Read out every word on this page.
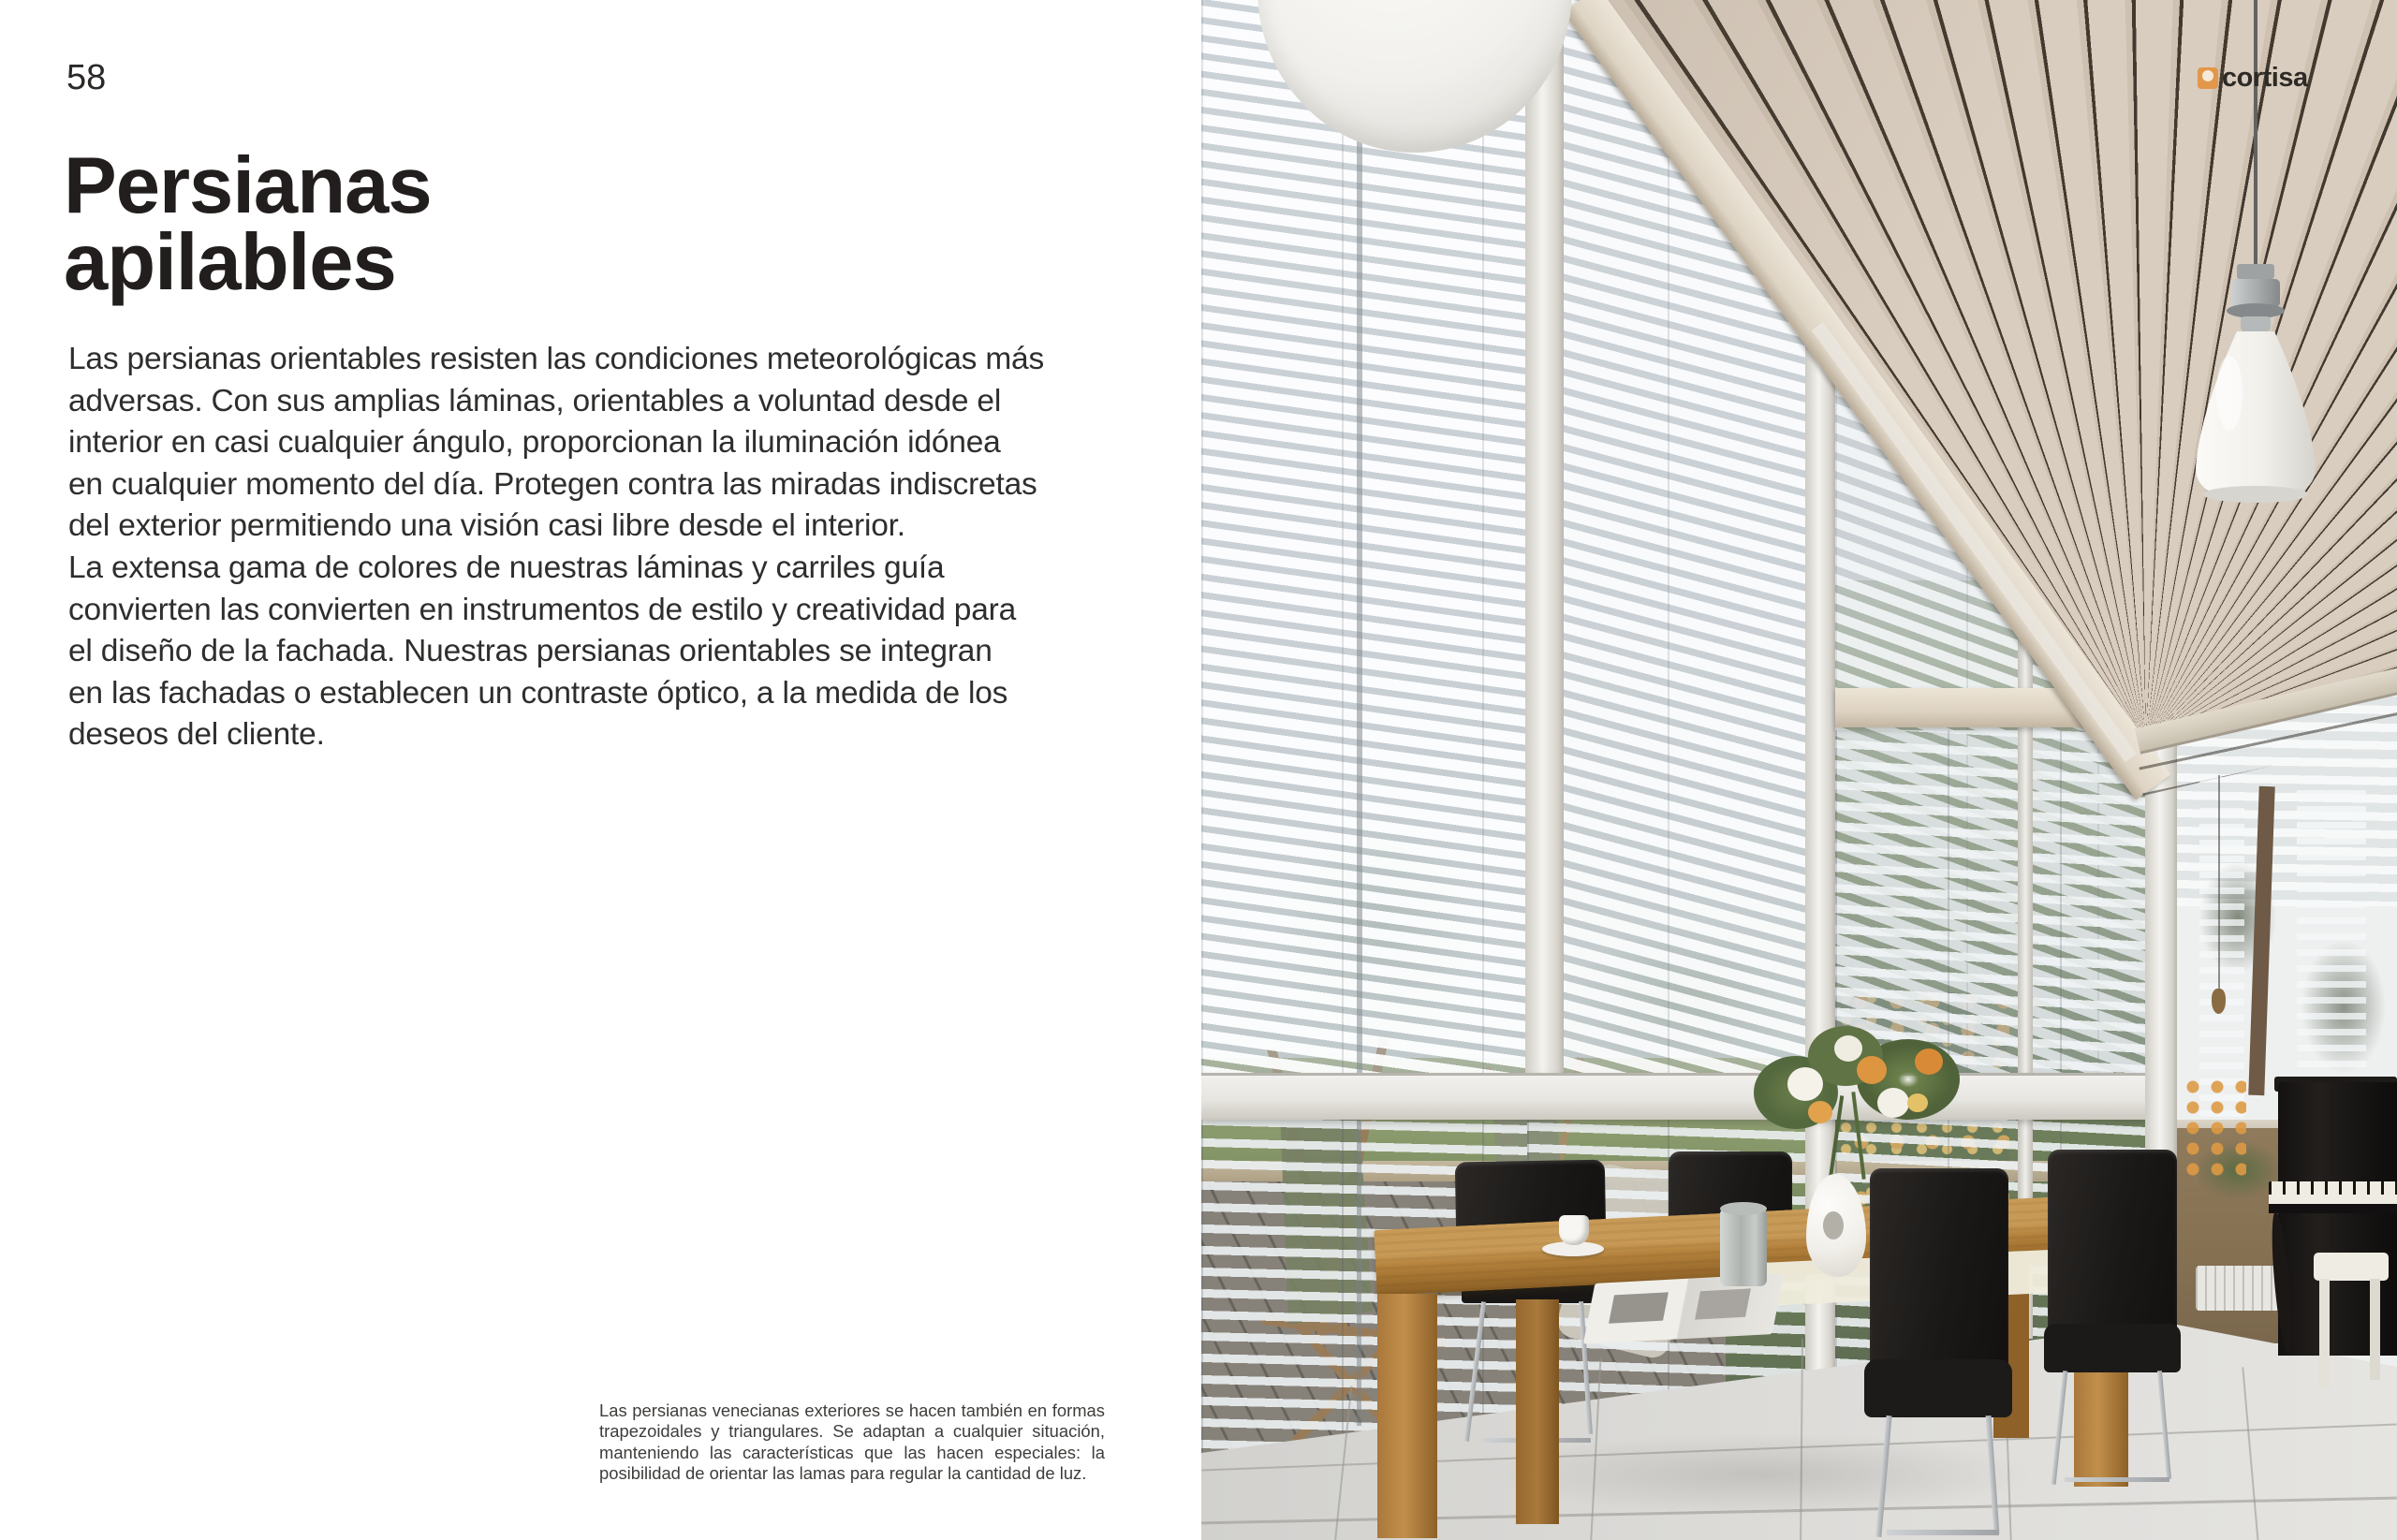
58
Persianas
apilables
Las persianas orientables resisten las condiciones meteorológicas más
adversas. Con sus amplias láminas, orientables a voluntad desde el
interior en casi cualquier ángulo, proporcionan la iluminación idónea
en cualquier momento del día. Protegen contra las miradas indiscretas
del exterior permitiendo una visión casi libre desde el interior.
La extensa gama de colores de nuestras láminas y carriles guía
convierten las convierten en instrumentos de estilo y creatividad para
el diseño de la fachada. Nuestras persianas orientables se integran
en las fachadas o establecen un contraste óptico, a la medida de los
deseos del cliente.

Las persianas venecianas exteriores se hacen también en formas trapezoidales y triangulares. Se adaptan a cualquier situación, manteniendo las características que las hacen especiales: la posibilidad de orientar las lamas para regular la cantidad de luz.

cortisa
